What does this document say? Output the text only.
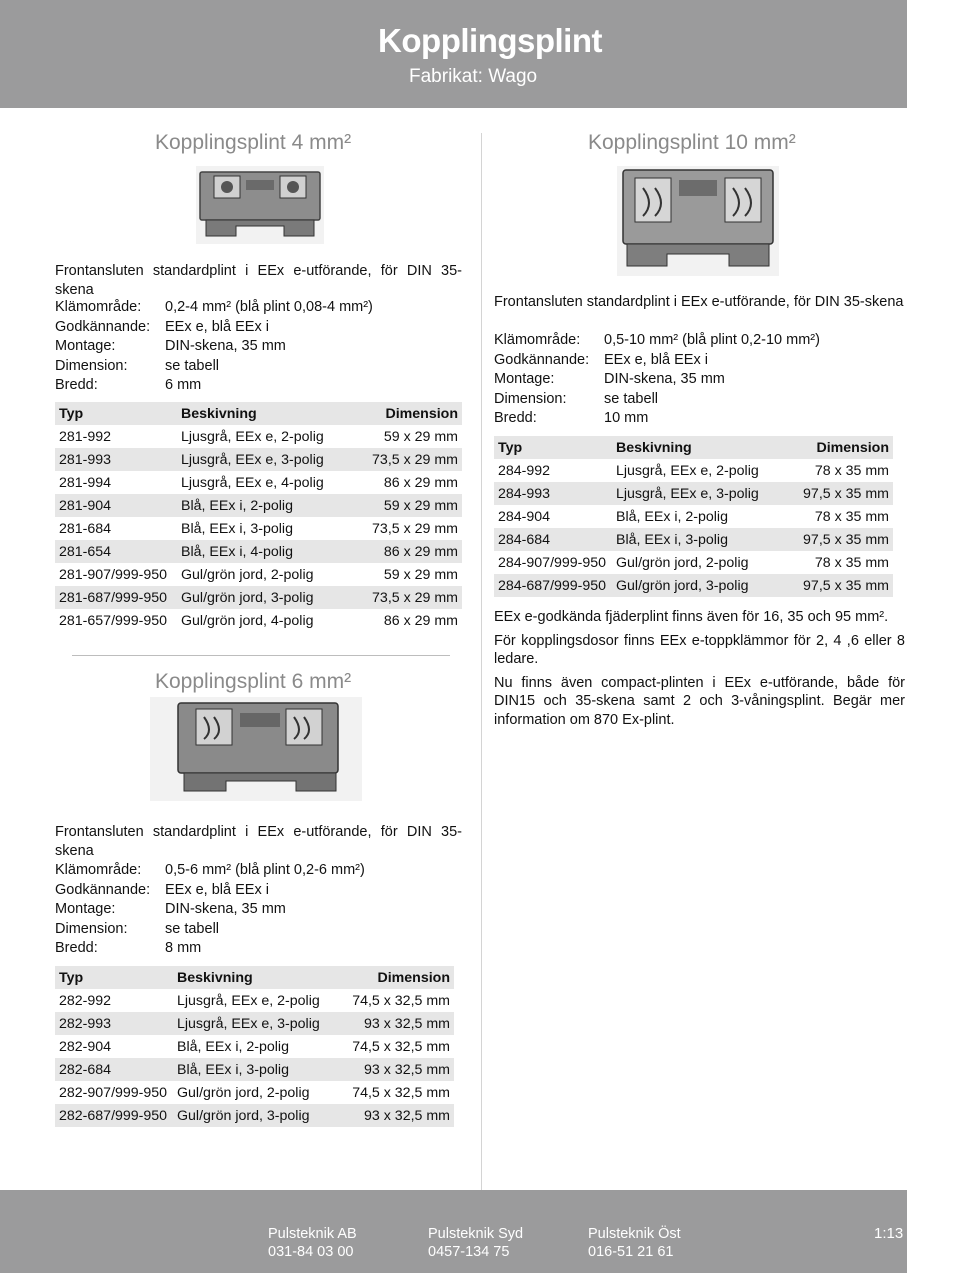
Kopplingsplint
Fabrikat: Wago
Kopplingsplint 4 mm²
Frontansluten standardplint i EEx e-utförande, för DIN 35-skena
Klämområde:	0,2-4 mm² (blå plint 0,08-4 mm²)
Godkännande:	EEx e, blå EEx i
Montage:	DIN-skena, 35 mm
Dimension:	se tabell
Bredd:	6 mm
Typ	Beskivning	Dimension
281-992	Ljusgrå, EEx e, 2-polig	59 x 29 mm
281-993	Ljusgrå, EEx e, 3-polig	73,5 x 29 mm
281-994	Ljusgrå, EEx e, 4-polig	86 x 29 mm
281-904	Blå, EEx i, 2-polig	59 x 29 mm
281-684	Blå, EEx i, 3-polig	73,5 x 29 mm
281-654	Blå, EEx i, 4-polig	86 x 29 mm
281-907/999-950	Gul/grön jord, 2-polig	59 x 29 mm
281-687/999-950	Gul/grön jord, 3-polig	73,5 x 29 mm
281-657/999-950	Gul/grön jord, 4-polig	86 x 29 mm
Kopplingsplint 6 mm²
Frontansluten standardplint i EEx e-utförande, för DIN 35-skena
Klämområde:	0,5-6 mm² (blå plint 0,2-6 mm²)
Godkännande:	EEx e, blå EEx i
Montage:	DIN-skena, 35 mm
Dimension:	se tabell
Bredd:	8 mm
Typ	Beskivning	Dimension
282-992	Ljusgrå, EEx e, 2-polig	74,5 x 32,5 mm
282-993	Ljusgrå, EEx e, 3-polig	93 x 32,5 mm
282-904	Blå, EEx i, 2-polig	74,5 x 32,5 mm
282-684	Blå, EEx i, 3-polig	93 x 32,5 mm
282-907/999-950	Gul/grön jord, 2-polig	74,5 x 32,5 mm
282-687/999-950	Gul/grön jord, 3-polig	93 x 32,5 mm
Kopplingsplint 10 mm²
Frontansluten standardplint i EEx e-utförande, för DIN 35-skena
Klämområde:	0,5-10 mm² (blå plint 0,2-10 mm²)
Godkännande:	EEx e, blå EEx i
Montage:	DIN-skena, 35 mm
Dimension:	se tabell
Bredd:	10 mm
Typ	Beskivning	Dimension
284-992	Ljusgrå, EEx e, 2-polig	78 x 35 mm
284-993	Ljusgrå, EEx e, 3-polig	97,5 x 35 mm
284-904	Blå, EEx i, 2-polig	78 x 35 mm
284-684	Blå, EEx i, 3-polig	97,5 x 35 mm
284-907/999-950	Gul/grön jord, 2-polig	78 x 35 mm
284-687/999-950	Gul/grön jord, 3-polig	97,5 x 35 mm

EEx e-godkända fjäderplint finns även för 16, 35 och 95 mm².

För kopplingsdosor finns EEx e-toppklämmor för 2, 4 ,6 eller 8 ledare.

Nu finns även compact-plinten i EEx e-utförande, både för DIN15 och 35-skena samt 2 och 3-våningsplint. Begär mer information om 870 Ex-plint.

Pulsteknik AB
031-84 03 00
Pulsteknik Syd
0457-134 75
Pulsteknik Öst
016-51 21 61
1:13
